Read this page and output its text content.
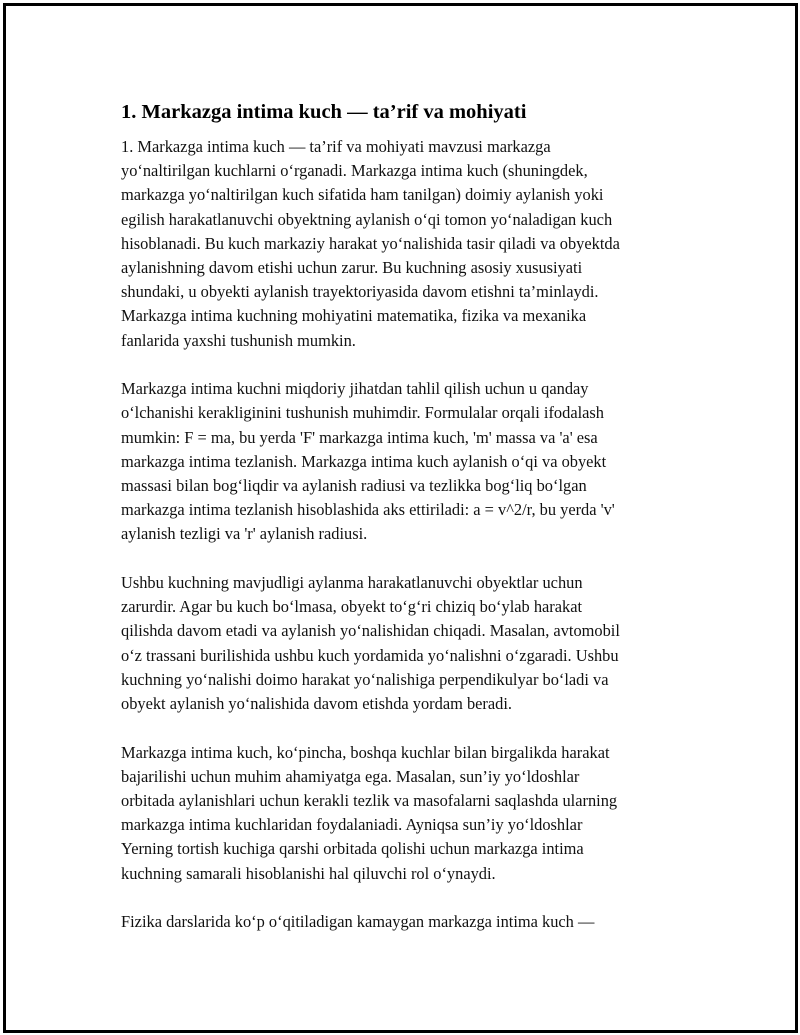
1. Markazga intima kuch — ta’rif va mohiyati

1. Markazga intima kuch — ta’rif va mohiyati mavzusi markazga
yo‘naltirilgan kuchlarni o‘rganadi. Markazga intima kuch (shuningdek,
markazga yo‘naltirilgan kuch sifatida ham tanilgan) doimiy aylanish yoki
egilish harakatlanuvchi obyektning aylanish o‘qi tomon yo‘naladigan kuch
hisoblanadi. Bu kuch markaziy harakat yo‘nalishida tasir qiladi va obyektda
aylanishning davom etishi uchun zarur. Bu kuchning asosiy xususiyati
shundaki, u obyekti aylanish trayektoriyasida davom etishni ta’minlaydi.
Markazga intima kuchning mohiyatini matematika, fizika va mexanika
fanlarida yaxshi tushunish mumkin.

Markazga intima kuchni miqdoriy jihatdan tahlil qilish uchun u qanday
o‘lchanishi kerakliginini tushunish muhimdir. Formulalar orqali ifodalash
mumkin: F = ma, bu yerda 'F' markazga intima kuch, 'm' massa va 'a' esa
markazga intima tezlanish. Markazga intima kuch aylanish o‘qi va obyekt
massasi bilan bog‘liqdir va aylanish radiusi va tezlikka bog‘liq bo‘lgan
markazga intima tezlanish hisoblashida aks ettiriladi: a = v^2/r, bu yerda 'v'
aylanish tezligi va 'r' aylanish radiusi.

Ushbu kuchning mavjudligi aylanma harakatlanuvchi obyektlar uchun
zarurdir. Agar bu kuch bo‘lmasa, obyekt to‘g‘ri chiziq bo‘ylab harakat
qilishda davom etadi va aylanish yo‘nalishidan chiqadi. Masalan, avtomobil
o‘z trassani burilishida ushbu kuch yordamida yo‘nalishni o‘zgaradi. Ushbu
kuchning yo‘nalishi doimo harakat yo‘nalishiga perpendikulyar bo‘ladi va
obyekt aylanish yo‘nalishida davom etishda yordam beradi.

Markazga intima kuch, ko‘pincha, boshqa kuchlar bilan birgalikda harakat
bajarilishi uchun muhim ahamiyatga ega. Masalan, sun’iy yo‘ldoshlar
orbitada aylanishlari uchun kerakli tezlik va masofalarni saqlashda ularning
markazga intima kuchlaridan foydalaniadi. Ayniqsa sun’iy yo‘ldoshlar
Yerning tortish kuchiga qarshi orbitada qolishi uchun markazga intima
kuchning samarali hisoblanishi hal qiluvchi rol o‘ynaydi.

Fizika darslarida ko‘p o‘qitiladigan kamaygan markazga intima kuch —
